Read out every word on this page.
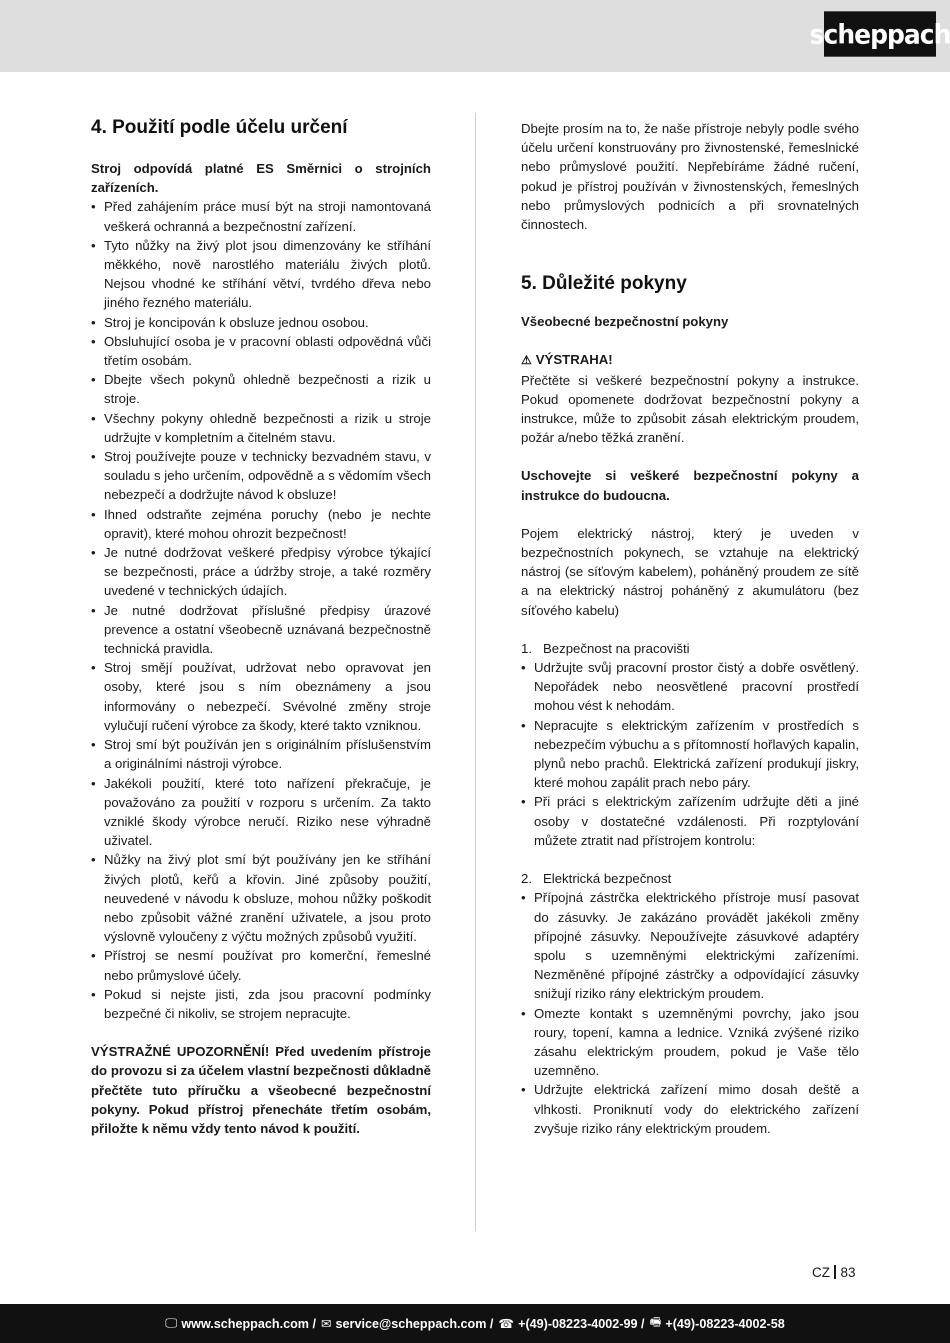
scheppach
4. Použití podle účelu určení

Stroj odpovídá platné ES Směrnici o strojních zařízeních.

• Před zahájením práce musí být na stroji namontovaná veškerá ochranná a bezpečnostní zařízení.
• Tyto nůžky na živý plot jsou dimenzovány ke stříhání měkkého, nově narostlého materiálu živých plotů. Nejsou vhodné ke stříhání větví, tvrdého dřeva nebo jiného řezného materiálu.
• Stroj je koncipován k obsluze jednou osobou.
• Obsluhující osoba je v pracovní oblasti odpovědná vůči třetím osobám.
• Dbejte všech pokynů ohledně bezpečnosti a rizik u stroje.
• Všechny pokyny ohledně bezpečnosti a rizik u stroje udržujte v kompletním a čitelném stavu.
• Stroj používejte pouze v technicky bezvadném stavu, v souladu s jeho určením, odpovědně a s vědomím všech nebezpečí a dodržujte návod k obsluze!
• Ihned odstraňte zejména poruchy (nebo je nechte opravit), které mohou ohrozit bezpečnost!
• Je nutné dodržovat veškeré předpisy výrobce týkající se bezpečnosti, práce a údržby stroje, a také rozměry uvedené v technických údajích.
• Je nutné dodržovat příslušné předpisy úrazové prevence a ostatní všeobecně uznávaná bezpečnostně technická pravidla.
• Stroj smějí používat, udržovat nebo opravovat jen osoby, které jsou s ním obeznámeny a jsou informovány o nebezpečí. Svévolné změny stroje vylučují ručení výrobce za škody, které takto vzniknou.
• Stroj smí být používán jen s originálním příslušenstvím a originálními nástroji výrobce.
• Jakékoli použití, které toto nařízení překračuje, je považováno za použití v rozporu s určením. Za takto vzniklé škody výrobce neručí. Riziko nese výhradně uživatel.
• Nůžky na živý plot smí být používány jen ke stříhání živých plotů, keřů a křovin. Jiné způsoby použití, neuvedené v návodu k obsluze, mohou nůžky poškodit nebo způsobit vážné zranění uživatele, a jsou proto výslovně vyloučeny z výčtu možných způsobů využití.
• Přístroj se nesmí používat pro komerční, řemeslné nebo průmyslové účely.
• Pokud si nejste jisti, zda jsou pracovní podmínky bezpečné či nikoliv, se strojem nepracujte.

VÝSTRAŽNÉ UPOZORNĚNÍ! Před uvedením přístroje do provozu si za účelem vlastní bezpečnosti důkladně přečtěte tuto příručku a všeobecné bezpečnostní pokyny. Pokud přístroj přenecháte třetím osobám, přiložte k němu vždy tento návod k použití.

Dbejte prosím na to, že naše přístroje nebyly podle svého účelu určení konstruovány pro živnostenské, řemeslnické nebo průmyslové použití. Nepřebíráme žádné ručení, pokud je přístroj používán v živnostenských, řemeslných nebo průmyslových podnicích a při srovnatelných činnostech.

5. Důležité pokyny

Všeobecné bezpečnostní pokyny

⚠ VÝSTRAHA!

Přečtěte si veškeré bezpečnostní pokyny a instrukce. Pokud opomenete dodržovat bezpečnostní pokyny a instrukce, může to způsobit zásah elektrickým proudem, požár a/nebo těžká zranění.

Uschovejte si veškeré bezpečnostní pokyny a instrukce do budoucna.

Pojem elektrický nástroj, který je uveden v bezpečnostních pokynech, se vztahuje na elektrický nástroj (se síťovým kabelem), poháněný proudem ze sítě a na elektrický nástroj poháněný z akumulátoru (bez síťového kabelu)

1. Bezpečnost na pracovišti

• Udržujte svůj pracovní prostor čistý a dobře osvětlený. Nepořádek nebo neosvětlené pracovní prostředí mohou vést k nehodám.
• Nepracujte s elektrickým zařízením v prostředích s nebezpečím výbuchu a s přítomností hořlavých kapalin, plynů nebo prachů. Elektrická zařízení produkují jiskry, které mohou zapálit prach nebo páry.
• Při práci s elektrickým zařízením udržujte děti a jiné osoby v dostatečné vzdálenosti. Při rozptylování můžete ztratit nad přístrojem kontrolu:

2. Elektrická bezpečnost

• Přípojná zástrčka elektrického přístroje musí pasovat do zásuvky. Je zakázáno provádět jakékoli změny přípojné zásuvky. Nepoužívejte zásuvkové adaptéry spolu s uzemněnými elektrickými zařízeními. Nezměněné přípojné zástrčky a odpovídající zásuvky snižují riziko rány elektrickým proudem.
• Omezte kontakt s uzemněnými povrchy, jako jsou roury, topení, kamna a lednice. Vzniká zvýšené riziko zásahu elektrickým proudem, pokud je Vaše tělo uzemněno.
• Udržujte elektrická zařízení mimo dosah deště a vlhkosti. Proniknutí vody do elektrického zařízení zvyšuje riziko rány elektrickým proudem.
CZ 83
🖵 www.scheppach.com / ✉ service@scheppach.com / ☎ +(49)-08223-4002-99 / 🖷 +(49)-08223-4002-58
